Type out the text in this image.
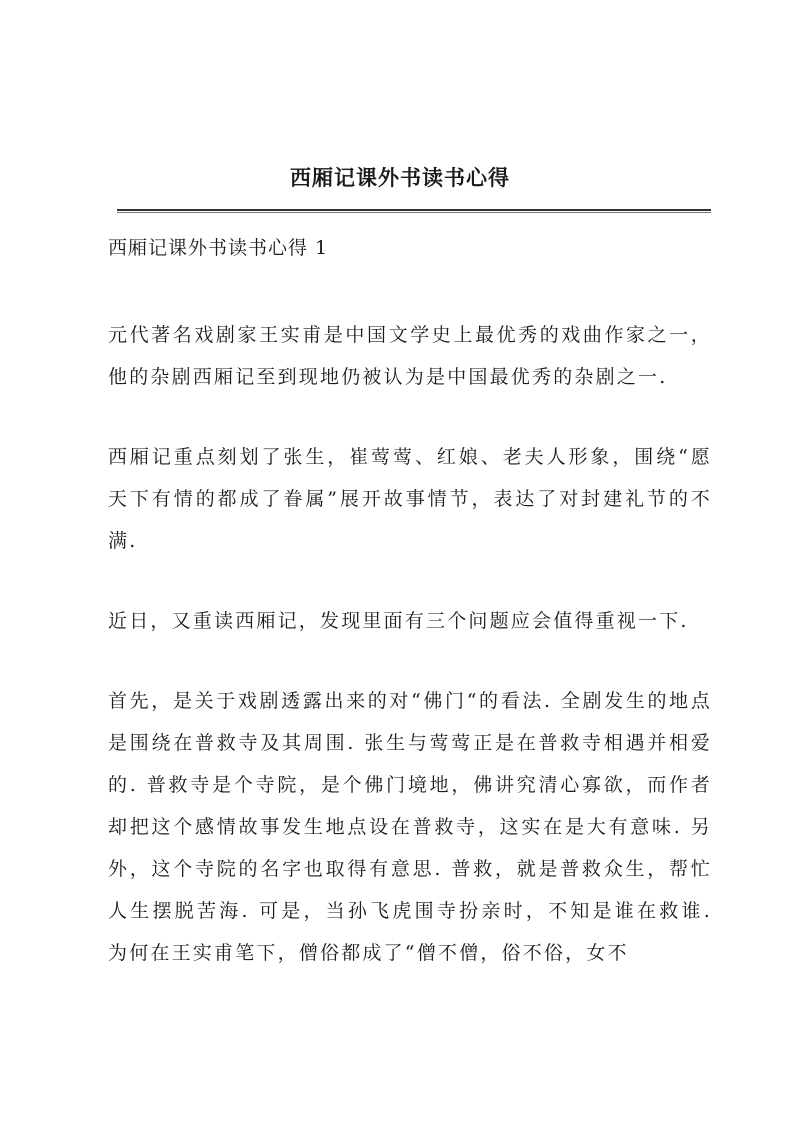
西厢记课外书读书心得
西厢记课外书读书心得 1

元代著名戏剧家王实甫是中国文学史上最优秀的戏曲作家之一，他的杂剧西厢记至到现地仍被认为是中国最优秀的杂剧之一.

西厢记重点刻划了张生，崔莺莺、红娘、老夫人形象，围绕“愿天下有情的都成了眷属”展开故事情节，表达了对封建礼节的不满.

近日，又重读西厢记，发现里面有三个问题应会值得重视一下.

首先，是关于戏剧透露出来的对“佛门“的看法. 全剧发生的地点是围绕在普救寺及其周围. 张生与莺莺正是在普救寺相遇并相爱的. 普救寺是个寺院，是个佛门境地，佛讲究清心寡欲，而作者却把这个感情故事发生地点设在普救寺，这实在是大有意味. 另外，这个寺院的名字也取得有意思. 普救，就是普救众生，帮忙人生摆脱苦海. 可是，当孙飞虎围寺扮亲时，不知是谁在救谁. 为何在王实甫笔下，僧俗都成了“僧不僧，俗不俗，女不
